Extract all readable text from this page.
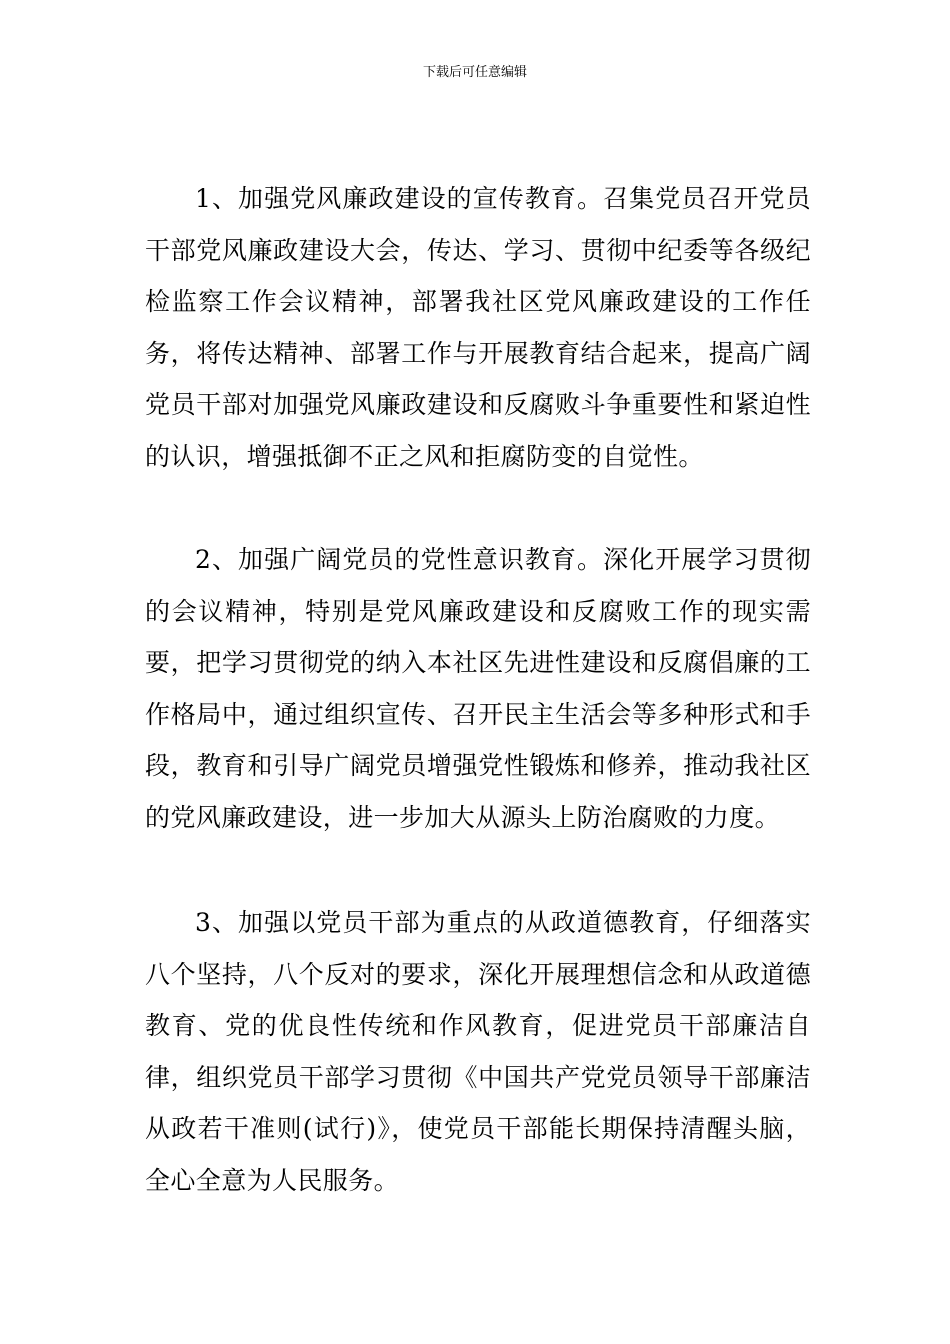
下载后可任意编辑

1、加强党风廉政建设的宣传教育。召集党员召开党员干部党风廉政建设大会，传达、学习、贯彻中纪委等各级纪检监察工作会议精神，部署我社区党风廉政建设的工作任务，将传达精神、部署工作与开展教育结合起来，提高广阔党员干部对加强党风廉政建设和反腐败斗争重要性和紧迫性的认识，增强抵御不正之风和拒腐防变的自觉性。

2、加强广阔党员的党性意识教育。深化开展学习贯彻的会议精神，特别是党风廉政建设和反腐败工作的现实需要，把学习贯彻党的纳入本社区先进性建设和反腐倡廉的工作格局中，通过组织宣传、召开民主生活会等多种形式和手段，教育和引导广阔党员增强党性锻炼和修养，推动我社区的党风廉政建设，进一步加大从源头上防治腐败的力度。

3、加强以党员干部为重点的从政道德教育，仔细落实八个坚持，八个反对的要求，深化开展理想信念和从政道德教育、党的优良性传统和作风教育，促进党员干部廉洁自律，组织党员干部学习贯彻《中国共产党党员领导干部廉洁从政若干准则(试行)》，使党员干部能长期保持清醒头脑，全心全意为人民服务。
